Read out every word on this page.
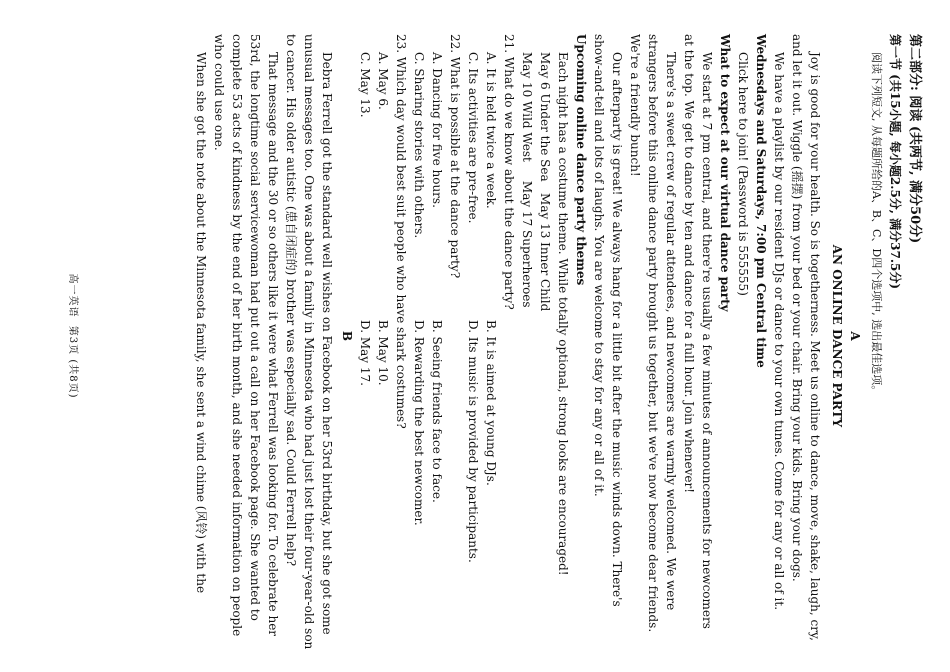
第二部分: 阅读 (共两节, 满分50分)
第一节 (共15小题, 每小题2.5分, 满分37.5分)
阅读下列短文, 从每题所给的A、B、C、D四个选项中, 选出最佳选项。
A
AN ONLINE DANCE PARTY
Joy is good for your health. So is togetherness. Meet us online to dance, move, shake, laugh, cry,
and let it out. Wiggle (摇摆) from your bed or your chair. Bring your kids. Bring your dogs.
We have a playlist by our resident DJs or dance to your own tunes. Come for any or all of it.
Wednesdays and Saturdays, 7:00 pm Central time
Click here to join! (Password is 555555)
What to expect at our virtual dance party
We start at 7 pm central, and there're usually a few minutes of announcements for newcomers
at the top. We get to dance by ten and dance for a full hour. Join whenever!
There's a sweet crew of regular attendees, and newcomers are warmly welcomed. We were
strangers before this online dance party brought us together, but we've now become dear friends.
We're a friendly bunch!
Our afterparty is great! We always hang for a little bit after the music winds down. There's
show-and-tell and lots of laughs. You are welcome to stay for any or all of it.
Upcoming online dance party themes
Each night has a costume theme. While totally optional, strong looks are encouraged!
May 6 Under the Sea   May 13 Inner Child
May 10 Wild West     May 17 Superheroes
21. What do we know about the dance party?
A. It is held twice a week.
B. It is aimed at young DJs.
C. Its activities are pre-free.
D. Its music is provided by participants.
22. What is possible at the dance party?
A. Dancing for five hours.
B. Seeing friends face to face.
C. Sharing stories with others.
D. Rewarding the best newcomer.
23. Which day would best suit people who have shark costumes?
A. May 6.
B. May 10.
C. May 13.
D. May 17.
B
Debra Ferrell got the standard well wishes on Facebook on her 53rd birthday, but she got some
unusual messages too. One was about a family in Minnesota who had just lost their four-year-old son
to cancer. His older autistic (患自闭症的) brother was especially sad. Could Ferrell help?
That message and the 30 or so others like it were what Ferrell was looking for. To celebrate her
53rd, the longtime social servicewoman had put out a call on her Facebook page. She wanted to
complete 53 acts of kindness by the end of her birth month, and she needed information on people
who could use one.
When she got the note about the Minnesota family, she sent a wind chime (风铃) with the
高一英语  第3页 (共8页)
